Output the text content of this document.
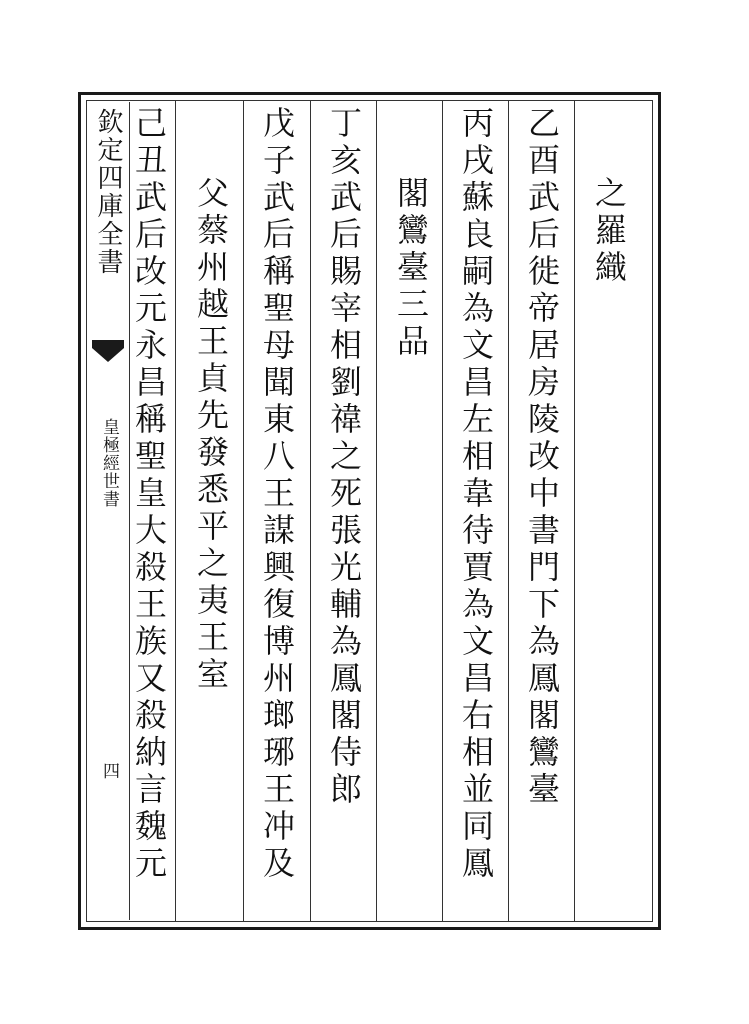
欽定四庫全書
皇極經世書
四
之羅織
乙酉武后徙帝居房陵改中書門下為鳳閣鸞臺
丙戌蘇良嗣為文昌左相韋待賈為文昌右相並同鳳
閣鸞臺三品
丁亥武后賜宰相劉禕之死張光輔為鳳閣侍郎
戊子武后稱聖母聞東八王謀興復博州瑯琊王冲及
父蔡州越王貞先發悉平之夷王室
己丑武后改元永昌稱聖皇大殺王族又殺納言魏元
